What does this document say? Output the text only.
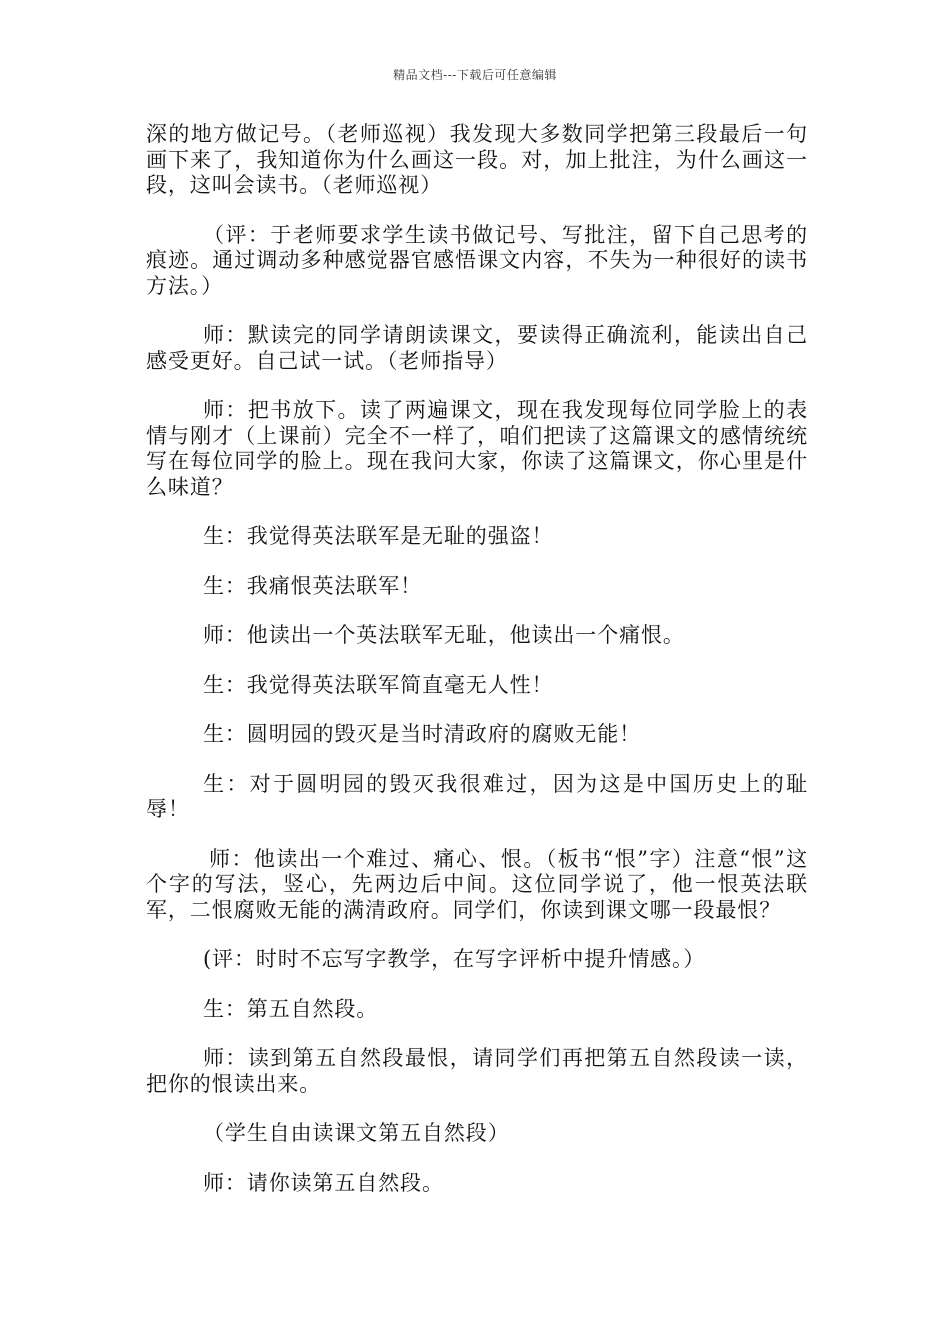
精品文档---下载后可任意编辑

深的地方做记号。（老师巡视）我发现大多数同学把第三段最后一句画下来了，我知道你为什么画这一段。对，加上批注，为什么画这一段，这叫会读书。（老师巡视）

（评：于老师要求学生读书做记号、写批注，留下自己思考的痕迹。通过调动多种感觉器官感悟课文内容，不失为一种很好的读书方法。）

师：默读完的同学请朗读课文，要读得正确流利，能读出自己感受更好。自己试一试。（老师指导）

师：把书放下。读了两遍课文，现在我发现每位同学脸上的表情与刚才（上课前）完全不一样了，咱们把读了这篇课文的感情统统写在每位同学的脸上。现在我问大家，你读了这篇课文，你心里是什么味道？

生：我觉得英法联军是无耻的强盗！

生：我痛恨英法联军！

师：他读出一个英法联军无耻，他读出一个痛恨。

生：我觉得英法联军简直毫无人性！

生：圆明园的毁灭是当时清政府的腐败无能！

生：对于圆明园的毁灭我很难过，因为这是中国历史上的耻辱！

师：他读出一个难过、痛心、恨。（板书“恨”字）注意“恨”这个字的写法，竖心，先两边后中间。这位同学说了，他一恨英法联军，二恨腐败无能的满清政府。同学们，你读到课文哪一段最恨？

(评：时时不忘写字教学，在写字评析中提升情感。）

生：第五自然段。

师：读到第五自然段最恨，请同学们再把第五自然段读一读，把你的恨读出来。

（学生自由读课文第五自然段）

师：请你读第五自然段。
